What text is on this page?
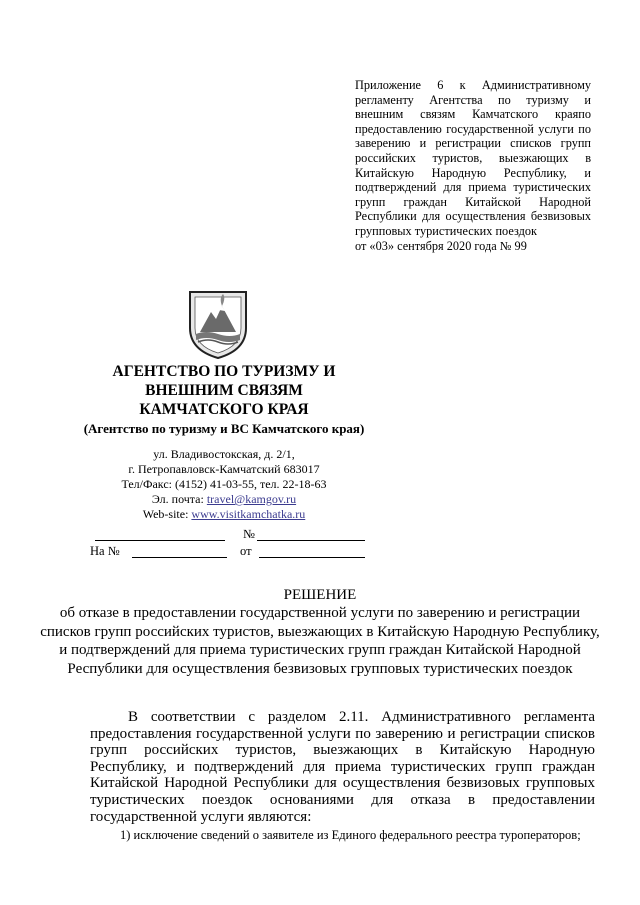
Приложение 6 к Административному регламенту Агентства по туризму и внешним связям Камчатского краяпо предоставлению государственной услуги по заверению и регистрации списков групп российских туристов, выезжающих в Китайскую Народную Республику, и подтверждений для приема туристических групп граждан Китайской Народной Республики для осуществления безвизовых групповых туристических поездок
от «03» сентября 2020 года № 99
АГЕНТСТВО ПО ТУРИЗМУ И
ВНЕШНИМ СВЯЗЯМ
КАМЧАТСКОГО КРАЯ
(Агентство по туризму и ВС Камчатского края)
ул. Владивостокская, д. 2/1,
г. Петропавловск-Камчатский 683017
Тел/Факс: (4152) 41-03-55, тел. 22-18-63
Эл. почта: travel@kamgov.ru
Web-site: www.visitkamchatka.ru
№
На №	от
РЕШЕНИЕ
об отказе в предоставлении государственной услуги по заверению и регистрации списков групп российских туристов, выезжающих в Китайскую Народную Республику, и подтверждений для приема туристических групп граждан Китайской Народной Республики для осуществления безвизовых групповых туристических поездок
В соответствии с разделом 2.11. Административного регламента предоставления государственной услуги по заверению и регистрации списков групп российских туристов, выезжающих в Китайскую Народную Республику, и подтверждений для приема туристических групп граждан Китайской Народной Республики для осуществления безвизовых групповых туристических поездок основаниями для отказа в предоставлении государственной услуги являются:
1) исключение сведений о заявителе из Единого федерального реестра туроператоров;
